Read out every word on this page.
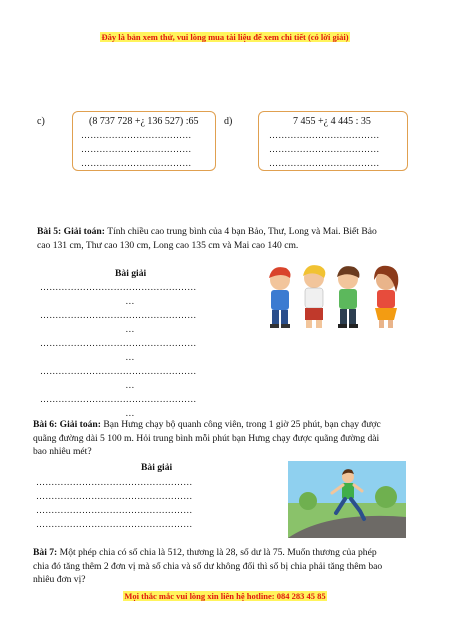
Đây là bản xem thử, vui lòng mua tài liệu để xem chi tiết (có lời giải)
c)	(8 737 728 +¿ 136 527) :65
………………………………
………………………………
………………………………
d)	7 455 +¿ 4 445 : 35
………………………………
………………………………
………………………………
Bài 5: Giải toán: Tính chiều cao trung bình của 4 bạn Bảo, Thư, Long và Mai. Biết Bảo
cao 131 cm, Thư cao 130 cm, Long cao 135 cm và Mai cao 140 cm.
Bài giải
……………………………………………
…
……………………………………………
…
……………………………………………
…
……………………………………………
…
……………………………………………
…
Bài 6: Giải toán: Bạn Hưng chạy bộ quanh công viên, trong 1 giờ 25 phút, bạn chạy được
quãng đường dài 5 100 m. Hỏi trung bình mỗi phút bạn Hưng chạy được quãng đường dài
bao nhiêu mét?
Bài giải
……………………………………………
……………………………………………
……………………………………………
……………………………………………
Bài 7: Một phép chia có số chia là 512, thương là 28, số dư là 75. Muốn thương của phép
chia đó tăng thêm 2 đơn vị mà số chia và số dư không đổi thì số bị chia phải tăng thêm bao
nhiêu đơn vị?
Mọi thắc mắc vui lòng xin liên hệ hotline: 084 283 45 85
